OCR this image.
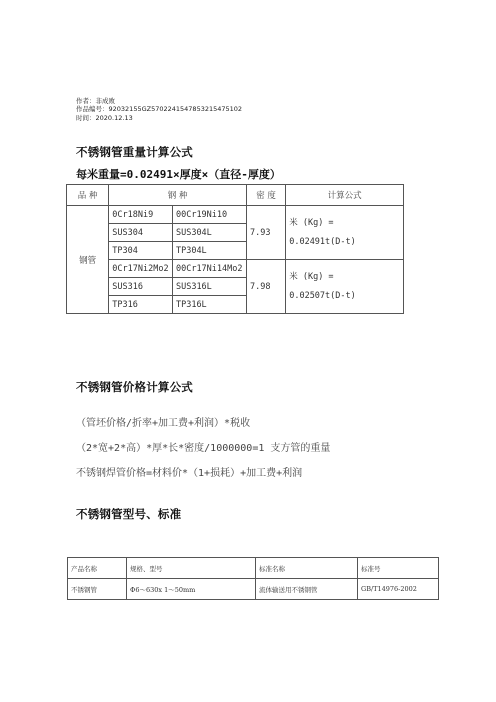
作者：非成败
作品编号：92032155GZ5702241547853215475102
时间：2020.12.13
不锈钢管重量计算公式
每米重量=0.02491×厚度×（直径-厚度）
品 种	钢 种		密 度	计算公式
钢管	0Cr18Ni9	00Cr19Ni10	7.93	米 (Kg) =
0.02491t(D-t)

	SUS304	SUS304L		
	TP304	TP304L		
	0Cr17Ni2Mo2	00Cr17Ni14Mo2	7.98	米 (Kg) =
0.02507t(D-t)

	SUS316	SUS316L		
	TP316	TP316L		
不锈钢管价格计算公式
（管坯价格/折率+加工费+利润）*税收
（2*宽+2*高）*厚*长*密度/1000000=1 支方管的重量
不锈钢焊管价格=材料价*（1+损耗）+加工费+利润
不锈钢管型号、标准
产品名称	规格、型号	标准名称	标准号
不锈钢管	Φ6～630x 1～50mm	流体输送用不锈钢管	GB/T14976-2002
